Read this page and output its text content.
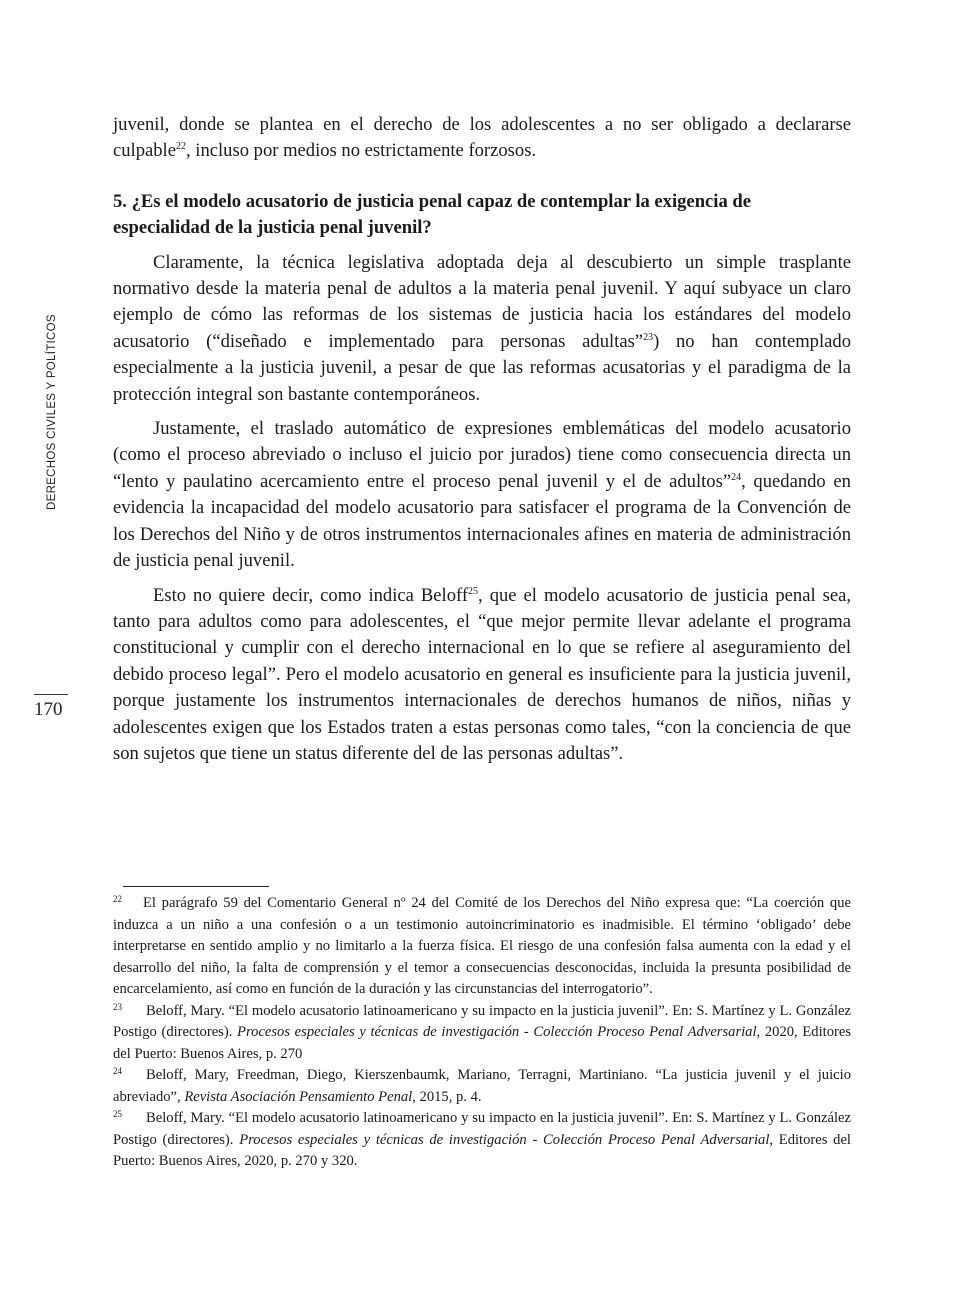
DERECHOS CIVILES Y POLÍTICOS
170

juvenil, donde se plantea en el derecho de los adolescentes a no ser obligado a declararse culpable$^{22}$, incluso por medios no estrictamente forzosos.

5. ¿Es el modelo acusatorio de justicia penal capaz de contemplar la exigencia de especialidad de la justicia penal juvenil?

Claramente, la técnica legislativa adoptada deja al descubierto un simple trasplante normativo desde la materia penal de adultos a la materia penal juvenil. Y aquí subyace un claro ejemplo de cómo las reformas de los sistemas de justicia hacia los estándares del modelo acusatorio (“diseñado e implementado para personas adultas”$^{23}$) no han contemplado especialmente a la justicia juvenil, a pesar de que las reformas acusatorias y el paradigma de la protección integral son bastante contemporáneos.

Justamente, el traslado automático de expresiones emblemáticas del modelo acusatorio (como el proceso abreviado o incluso el juicio por jurados) tiene como consecuencia directa un “lento y paulatino acercamiento entre el proceso penal juvenil y el de adultos”$^{24}$, quedando en evidencia la incapacidad del modelo acusatorio para satisfacer el programa de la Convención de los Derechos del Niño y de otros instrumentos internacionales afines en materia de administración de justicia penal juvenil.

Esto no quiere decir, como indica Beloff$^{25}$, que el modelo acusatorio de justicia penal sea, tanto para adultos como para adolescentes, el “que mejor permite llevar adelante el programa constitucional y cumplir con el derecho internacional en lo que se refiere al aseguramiento del debido proceso legal”. Pero el modelo acusatorio en general es insuficiente para la justicia juvenil, porque justamente los instrumentos internacionales de derechos humanos de niños, niñas y adolescentes exigen que los Estados traten a estas personas como tales, “con la conciencia de que son sujetos que tiene un status diferente del de las personas adultas”.

22 El parágrafo 59 del Comentario General nº 24 del Comité de los Derechos del Niño expresa que: “La coerción que induzca a un niño a una confesión o a un testimonio autoincriminatorio es inadmisible. El término ‘obligado’ debe interpretarse en sentido amplio y no limitarlo a la fuerza física. El riesgo de una confesión falsa aumenta con la edad y el desarrollo del niño, la falta de comprensión y el temor a consecuencias desconocidas, incluida la presunta posibilidad de encarcelamiento, así como en función de la duración y las circunstancias del interrogatorio”.

23 Beloff, Mary. “El modelo acusatorio latinoamericano y su impacto en la justicia juvenil”. En: S. Martínez y L. González Postigo (directores). Procesos especiales y técnicas de investigación - Colección Proceso Penal Adversarial, 2020, Editores del Puerto: Buenos Aires, p. 270

24 Beloff, Mary, Freedman, Diego, Kierszenbaumk, Mariano, Terragni, Martiniano. “La justicia juvenil y el juicio abreviado”, Revista Asociación Pensamiento Penal, 2015, p. 4.

25 Beloff, Mary. “El modelo acusatorio latinoamericano y su impacto en la justicia juvenil”. En: S. Martínez y L. González Postigo (directores). Procesos especiales y técnicas de investigación - Colección Proceso Penal Adversarial, Editores del Puerto: Buenos Aires, 2020, p. 270 y 320.
